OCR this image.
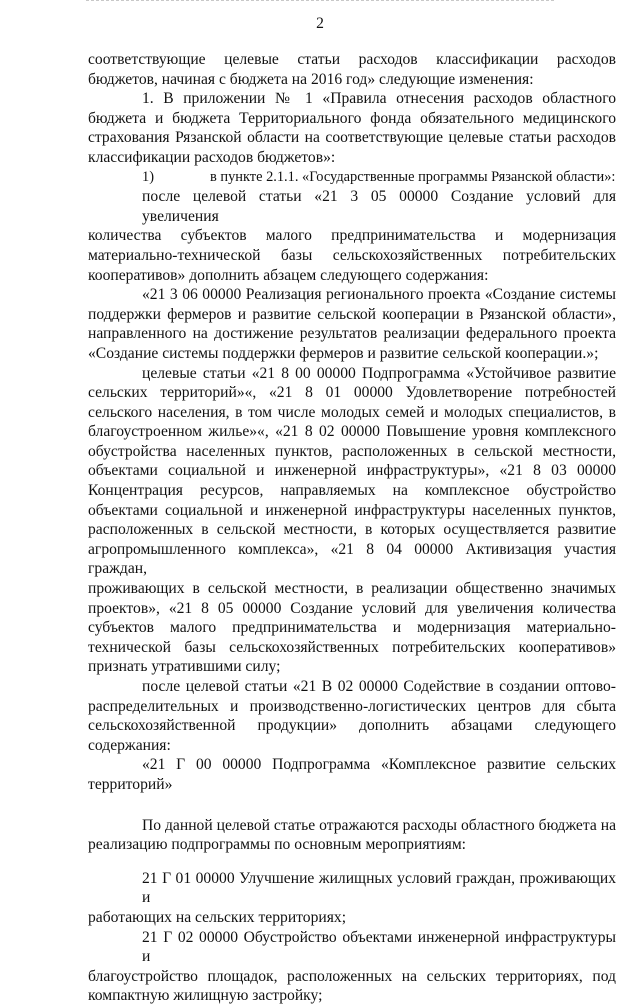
2

соответствующие целевые статьи расходов классификации расходов

бюджетов, начиная с бюджета на 2016 год» следующие изменения:

1. В приложении № 1 «Правила отнесения расходов областного

бюджета и бюджета Территориального фонда обязательного медицинского

страхования Рязанской области на соответствующие целевые статьи расходов

классификации расходов бюджетов»:

1)	в пункте 2.1.1. «Государственные программы Рязанской области»:

после целевой статьи «21 3 05 00000 Создание условий для увеличения

количества субъектов малого предпринимательства и модернизация

материально-технической базы сельскохозяйственных потребительских

кооперативов» дополнить абзацем следующего содержания:

«21 3 06 00000 Реализация регионального проекта «Создание системы

поддержки фермеров и развитие сельской кооперации в Рязанской области»,

направленного на достижение результатов реализации федерального проекта

«Создание системы поддержки фермеров и развитие сельской кооперации.»;

целевые статьи «21 8 00 00000 Подпрограмма «Устойчивое развитие

сельских территорий»«, «21 8 01 00000 Удовлетворение потребностей

сельского населения, в том числе молодых семей и молодых специалистов, в

благоустроенном жилье»«, «21 8 02 00000 Повышение уровня комплексного

обустройства населенных пунктов, расположенных в сельской местности,

объектами социальной и инженерной инфраструктуры», «21 8 03 00000

Концентрация ресурсов, направляемых на комплексное обустройство

объектами социальной и инженерной инфраструктуры населенных пунктов,

расположенных в сельской местности, в которых осуществляется развитие

агропромышленного комплекса», «21 8 04 00000 Активизация участия граждан,

проживающих в сельской местности, в реализации общественно значимых

проектов», «21 8 05 00000 Создание условий для увеличения количества

субъектов малого предпринимательства и модернизация материально-

технической базы сельскохозяйственных потребительских кооперативов»

признать утратившими силу;

после целевой статьи «21 В 02 00000 Содействие в создании оптово-

распределительных и производственно-логистических центров для сбыта

сельскохозяйственной продукции» дополнить абзацами следующего

содержания:

«21 Г 00 00000 Подпрограмма «Комплексное развитие сельских

территорий»

По данной целевой статье отражаются расходы областного бюджета на

реализацию подпрограммы по основным мероприятиям:

21 Г 01 00000 Улучшение жилищных условий граждан, проживающих и

работающих на сельских территориях;

21 Г 02 00000 Обустройство объектами инженерной инфраструктуры и

благоустройство площадок, расположенных на сельских территориях, под

компактную жилищную застройку;
